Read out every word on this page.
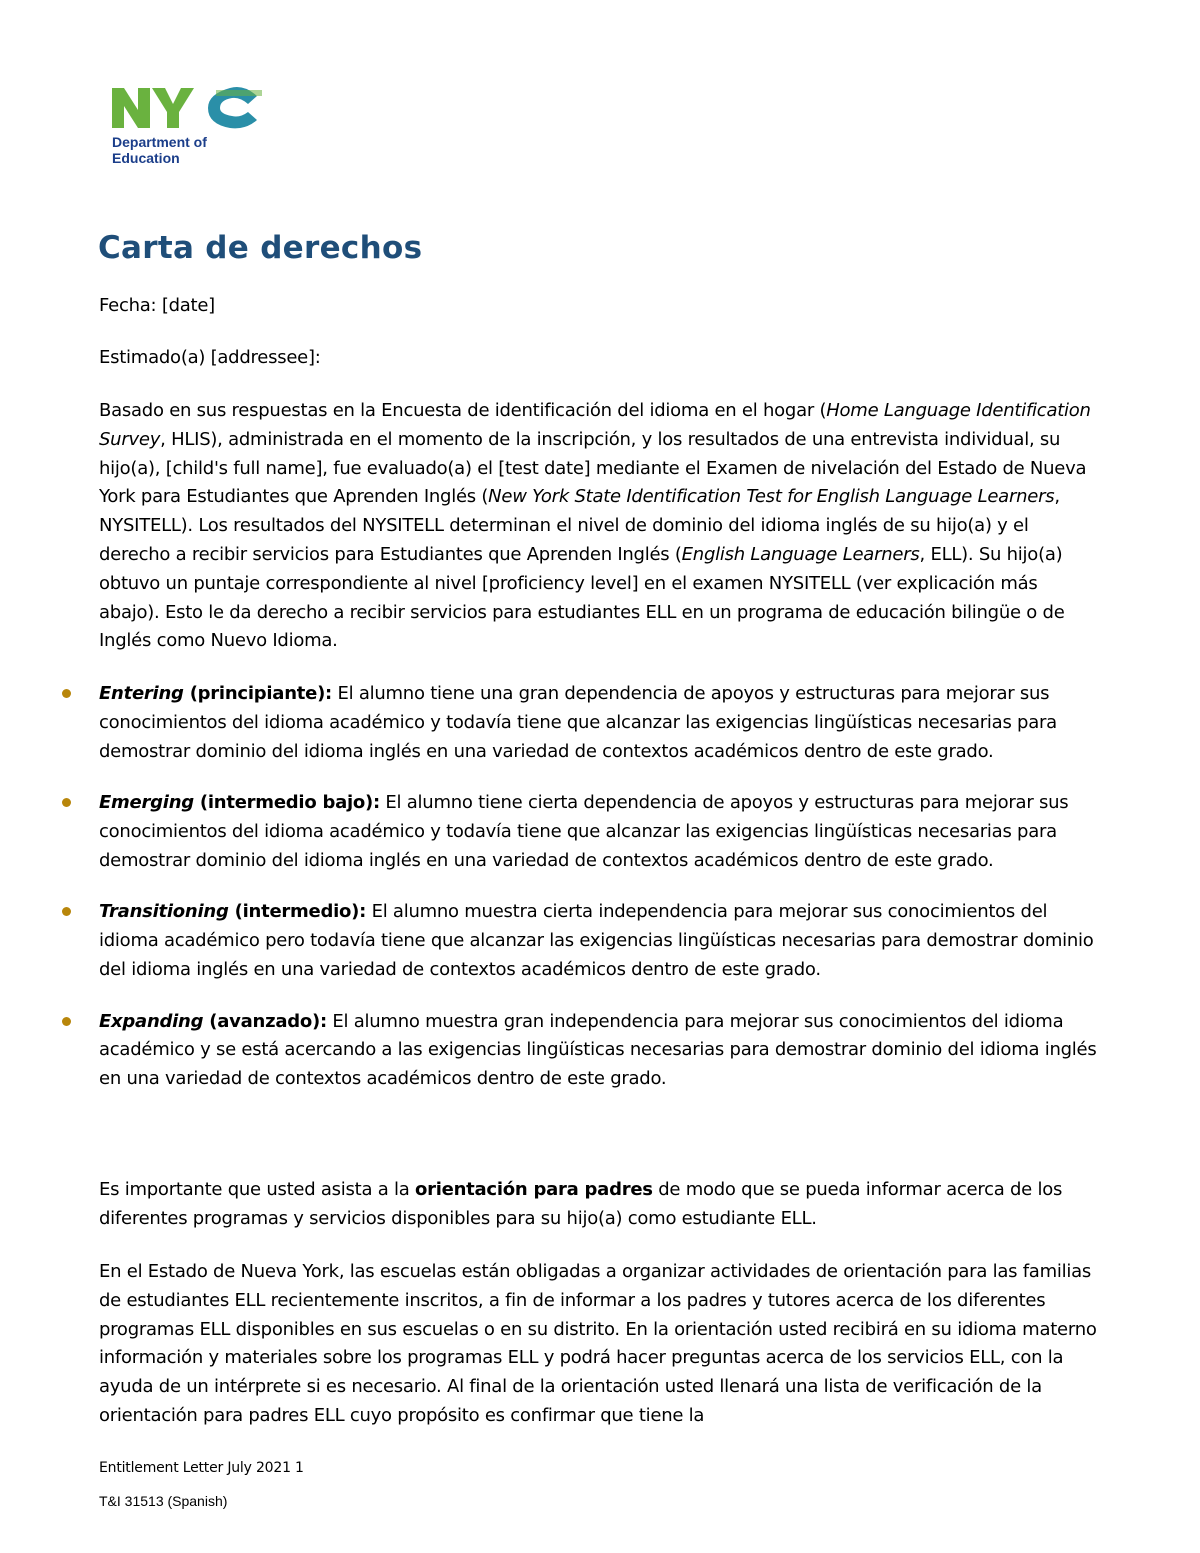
Department of
Education
Carta de derechos

Fecha: [date]

Estimado(a) [addressee]:

Basado en sus respuestas en la Encuesta de identificación del idioma en el hogar (Home Language Identification Survey, HLIS), administrada en el momento de la inscripción, y los resultados de una entrevista individual, su hijo(a), [child's full name], fue evaluado(a) el [test date] mediante el Examen de nivelación del Estado de Nueva York para Estudiantes que Aprenden Inglés (New York State Identification Test for English Language Learners, NYSITELL). Los resultados del NYSITELL determinan el nivel de dominio del idioma inglés de su hijo(a) y el derecho a recibir servicios para Estudiantes que Aprenden Inglés (English Language Learners, ELL). Su hijo(a) obtuvo un puntaje correspondiente al nivel [proficiency level] en el examen NYSITELL (ver explicación más abajo). Esto le da derecho a recibir servicios para estudiantes ELL en un programa de educación bilingüe o de Inglés como Nuevo Idioma.

Entering (principiante): El alumno tiene una gran dependencia de apoyos y estructuras para mejorar sus conocimientos del idioma académico y todavía tiene que alcanzar las exigencias lingüísticas necesarias para demostrar dominio del idioma inglés en una variedad de contextos académicos dentro de este grado.
Emerging (intermedio bajo): El alumno tiene cierta dependencia de apoyos y estructuras para mejorar sus conocimientos del idioma académico y todavía tiene que alcanzar las exigencias lingüísticas necesarias para demostrar dominio del idioma inglés en una variedad de contextos académicos dentro de este grado.
Transitioning (intermedio): El alumno muestra cierta independencia para mejorar sus conocimientos del idioma académico pero todavía tiene que alcanzar las exigencias lingüísticas necesarias para demostrar dominio del idioma inglés en una variedad de contextos académicos dentro de este grado.
Expanding (avanzado): El alumno muestra gran independencia para mejorar sus conocimientos del idioma académico y se está acercando a las exigencias lingüísticas necesarias para demostrar dominio del idioma inglés en una variedad de contextos académicos dentro de este grado.

Es importante que usted asista a la orientación para padres de modo que se pueda informar acerca de los diferentes programas y servicios disponibles para su hijo(a) como estudiante ELL.

En el Estado de Nueva York, las escuelas están obligadas a organizar actividades de orientación para las familias de estudiantes ELL recientemente inscritos, a fin de informar a los padres y tutores acerca de los diferentes programas ELL disponibles en sus escuelas o en su distrito. En la orientación usted recibirá en su idioma materno información y materiales sobre los programas ELL y podrá hacer preguntas acerca de los servicios ELL, con la ayuda de un intérprete si es necesario. Al final de la orientación usted llenará una lista de verificación de la orientación para padres ELL cuyo propósito es confirmar que tiene la

Entitlement Letter July 2021 1

T&I 31513 (Spanish)
